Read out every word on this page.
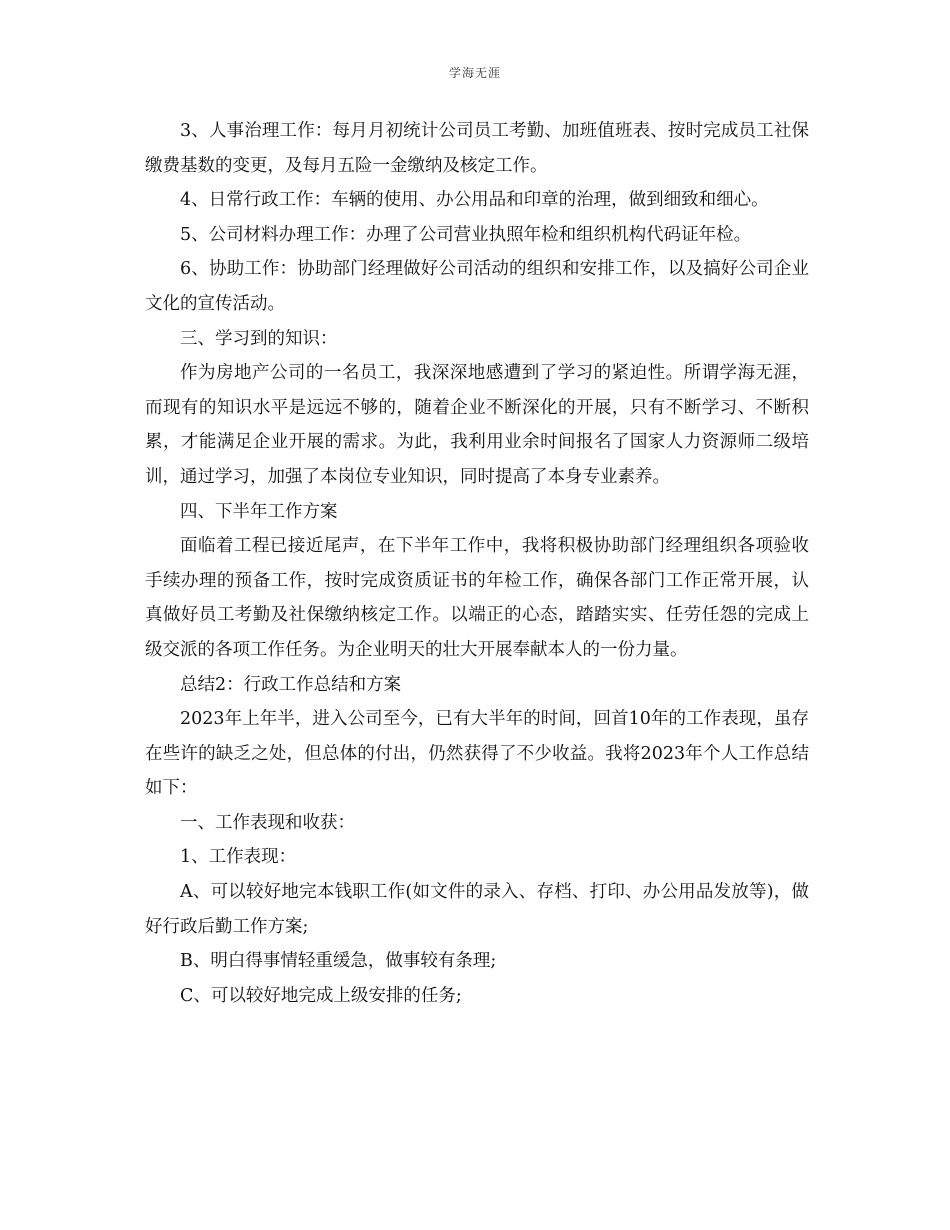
学海无涯

3、人事治理工作：每月月初统计公司员工考勤、加班值班表、按时完成员工社保缴费基数的变更，及每月五险一金缴纳及核定工作。

4、日常行政工作：车辆的使用、办公用品和印章的治理，做到细致和细心。

5、公司材料办理工作：办理了公司营业执照年检和组织机构代码证年检。

6、协助工作：协助部门经理做好公司活动的组织和安排工作，以及搞好公司企业文化的宣传活动。

三、学习到的知识：

作为房地产公司的一名员工，我深深地感遭到了学习的紧迫性。所谓学海无涯，而现有的知识水平是远远不够的，随着企业不断深化的开展，只有不断学习、不断积累，才能满足企业开展的需求。为此，我利用业余时间报名了国家人力资源师二级培训，通过学习，加强了本岗位专业知识，同时提高了本身专业素养。

四、下半年工作方案

面临着工程已接近尾声，在下半年工作中，我将积极协助部门经理组织各项验收手续办理的预备工作，按时完成资质证书的年检工作，确保各部门工作正常开展，认真做好员工考勤及社保缴纳核定工作。以端正的心态，踏踏实实、任劳任怨的完成上级交派的各项工作任务。为企业明天的壮大开展奉献本人的一份力量。

总结2：行政工作总结和方案

2023年上年半，进入公司至今，已有大半年的时间，回首10年的工作表现，虽存在些许的缺乏之处，但总体的付出，仍然获得了不少收益。我将2023年个人工作总结如下：

一、工作表现和收获：

1、工作表现：

A、可以较好地完本钱职工作(如文件的录入、存档、打印、办公用品发放等)，做好行政后勤工作方案;

B、明白得事情轻重缓急，做事较有条理;

C、可以较好地完成上级安排的任务;
